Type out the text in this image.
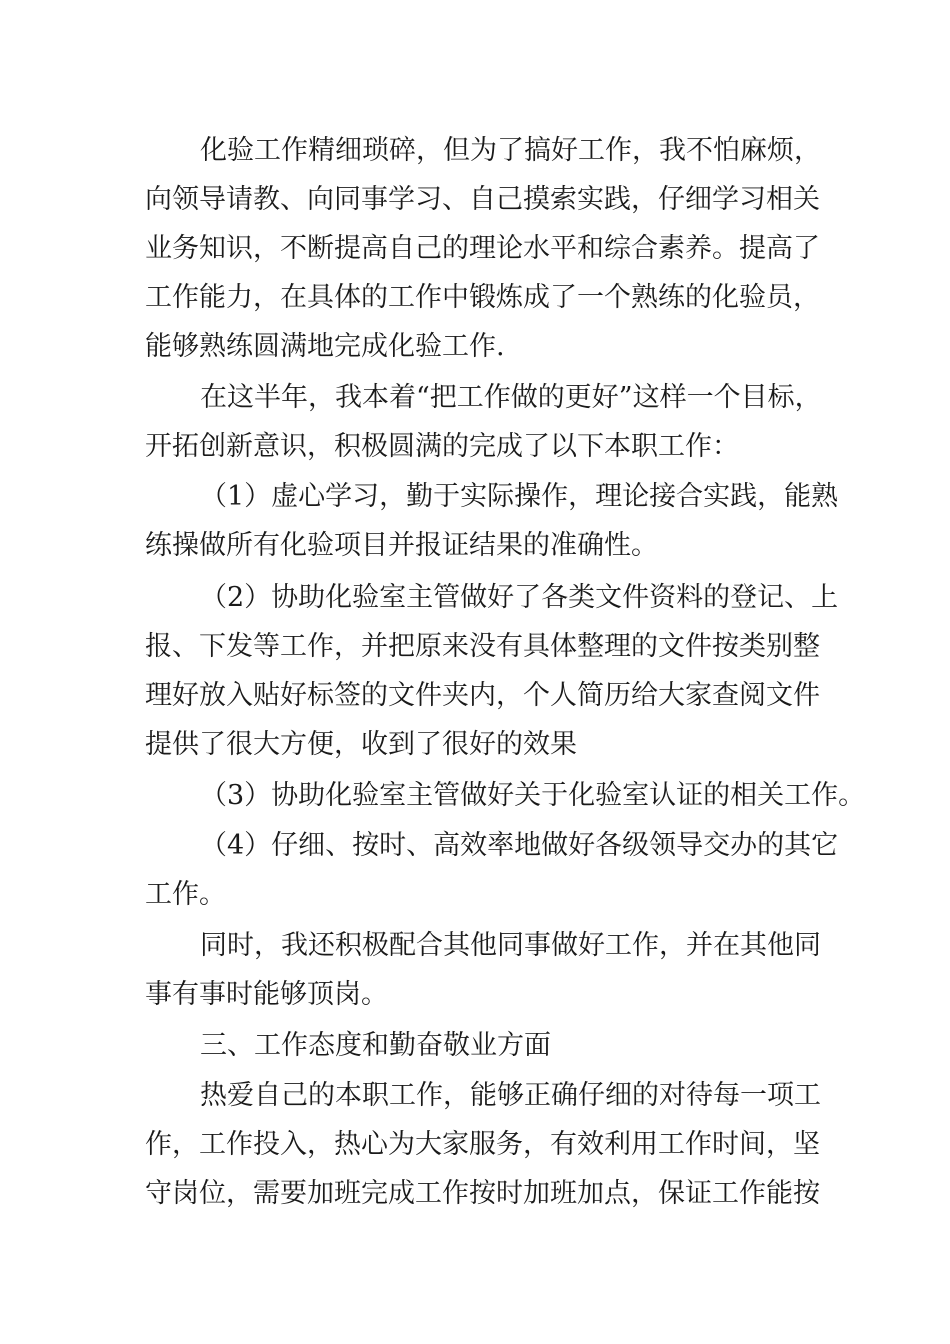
化验工作精细琐碎，但为了搞好工作，我不怕麻烦，
向领导请教、向同事学习、自己摸索实践，仔细学习相关
业务知识，不断提高自己的理论水平和综合素养。提高了
工作能力，在具体的工作中锻炼成了一个熟练的化验员，
能够熟练圆满地完成化验工作.
在这半年，我本着“把工作做的更好”这样一个目标，
开拓创新意识，积极圆满的完成了以下本职工作：
（1）虚心学习，勤于实际操作，理论接合实践，能熟
练操做所有化验项目并报证结果的准确性。
（2）协助化验室主管做好了各类文件资料的登记、上
报、下发等工作，并把原来没有具体整理的文件按类别整
理好放入贴好标签的文件夹内，个人简历给大家查阅文件
提供了很大方便，收到了很好的效果
（3）协助化验室主管做好关于化验室认证的相关工作。
（4）仔细、按时、高效率地做好各级领导交办的其它
工作。
同时，我还积极配合其他同事做好工作，并在其他同
事有事时能够顶岗。
三、工作态度和勤奋敬业方面
热爱自己的本职工作，能够正确仔细的对待每一项工
作，工作投入，热心为大家服务，有效利用工作时间，坚
守岗位，需要加班完成工作按时加班加点，保证工作能按
